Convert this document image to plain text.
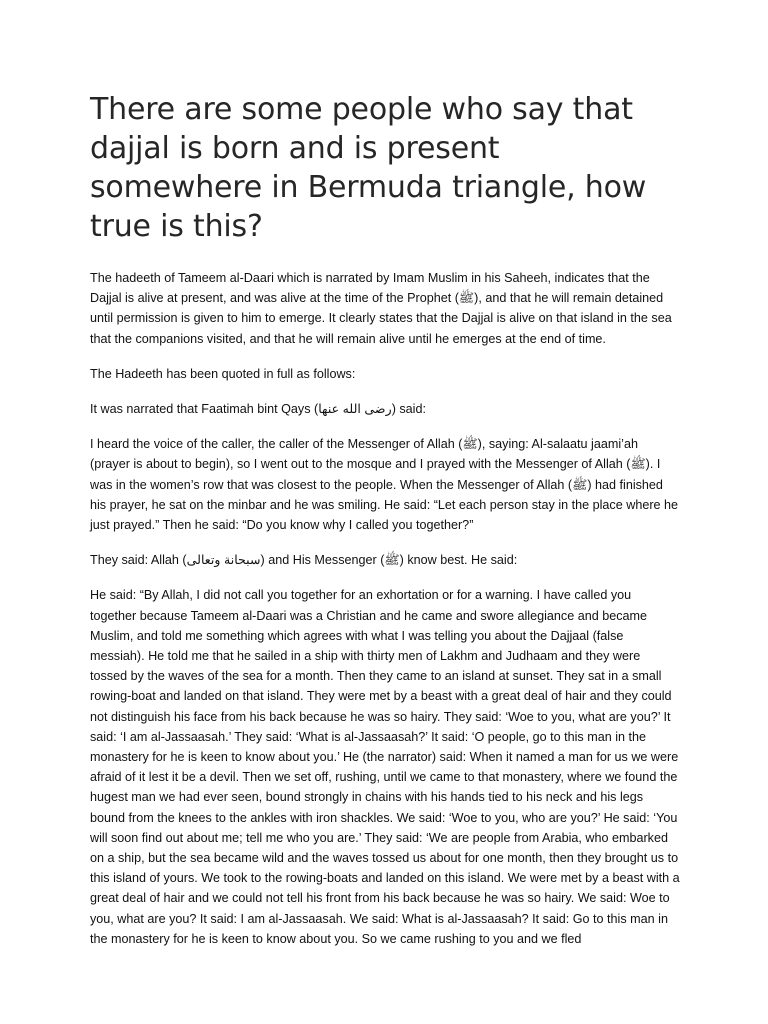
There are some people who say that dajjal is born and is present somewhere in Bermuda triangle, how true is this?

The hadeeth of Tameem al-Daari which is narrated by Imam Muslim in his Saheeh, indicates that the Dajjal is alive at present, and was alive at the time of the Prophet (ﷺ), and that he will remain detained until permission is given to him to emerge. It clearly states that the Dajjal is alive on that island in the sea that the companions visited, and that he will remain alive until he emerges at the end of time.

The Hadeeth has been quoted in full as follows:

It was narrated that Faatimah bint Qays (رضى الله عنها) said:

I heard the voice of the caller, the caller of the Messenger of Allah (ﷺ), saying: Al-salaatu jaami’ah (prayer is about to begin), so I went out to the mosque and I prayed with the Messenger of Allah (ﷺ). I was in the women’s row that was closest to the people. When the Messenger of Allah (ﷺ) had finished his prayer, he sat on the minbar and he was smiling. He said: “Let each person stay in the place where he just prayed.” Then he said: “Do you know why I called you together?”

They said: Allah (سبحانة وتعالى) and His Messenger (ﷺ) know best. He said:

He said: “By Allah, I did not call you together for an exhortation or for a warning. I have called you together because Tameem al-Daari was a Christian and he came and swore allegiance and became Muslim, and told me something which agrees with what I was telling you about the Dajjaal (false messiah). He told me that he sailed in a ship with thirty men of Lakhm and Judhaam and they were tossed by the waves of the sea for a month. Then they came to an island at sunset. They sat in a small rowing-boat and landed on that island. They were met by a beast with a great deal of hair and they could not distinguish his face from his back because he was so hairy. They said: ‘Woe to you, what are you?’ It said: ‘I am al-Jassaasah.’ They said: ‘What is al-Jassaasah?’ It said: ‘O people, go to this man in the monastery for he is keen to know about you.’ He (the narrator) said: When it named a man for us we were afraid of it lest it be a devil. Then we set off, rushing, until we came to that monastery, where we found the hugest man we had ever seen, bound strongly in chains with his hands tied to his neck and his legs bound from the knees to the ankles with iron shackles. We said: ‘Woe to you, who are you?’ He said: ‘You will soon find out about me; tell me who you are.’ They said: ‘We are people from Arabia, who embarked on a ship, but the sea became wild and the waves tossed us about for one month, then they brought us to this island of yours. We took to the rowing-boats and landed on this island. We were met by a beast with a great deal of hair and we could not tell his front from his back because he was so hairy. We said: Woe to you, what are you? It said: I am al-Jassaasah. We said: What is al-Jassaasah? It said: Go to this man in the monastery for he is keen to know about you. So we came rushing to you and we fled
